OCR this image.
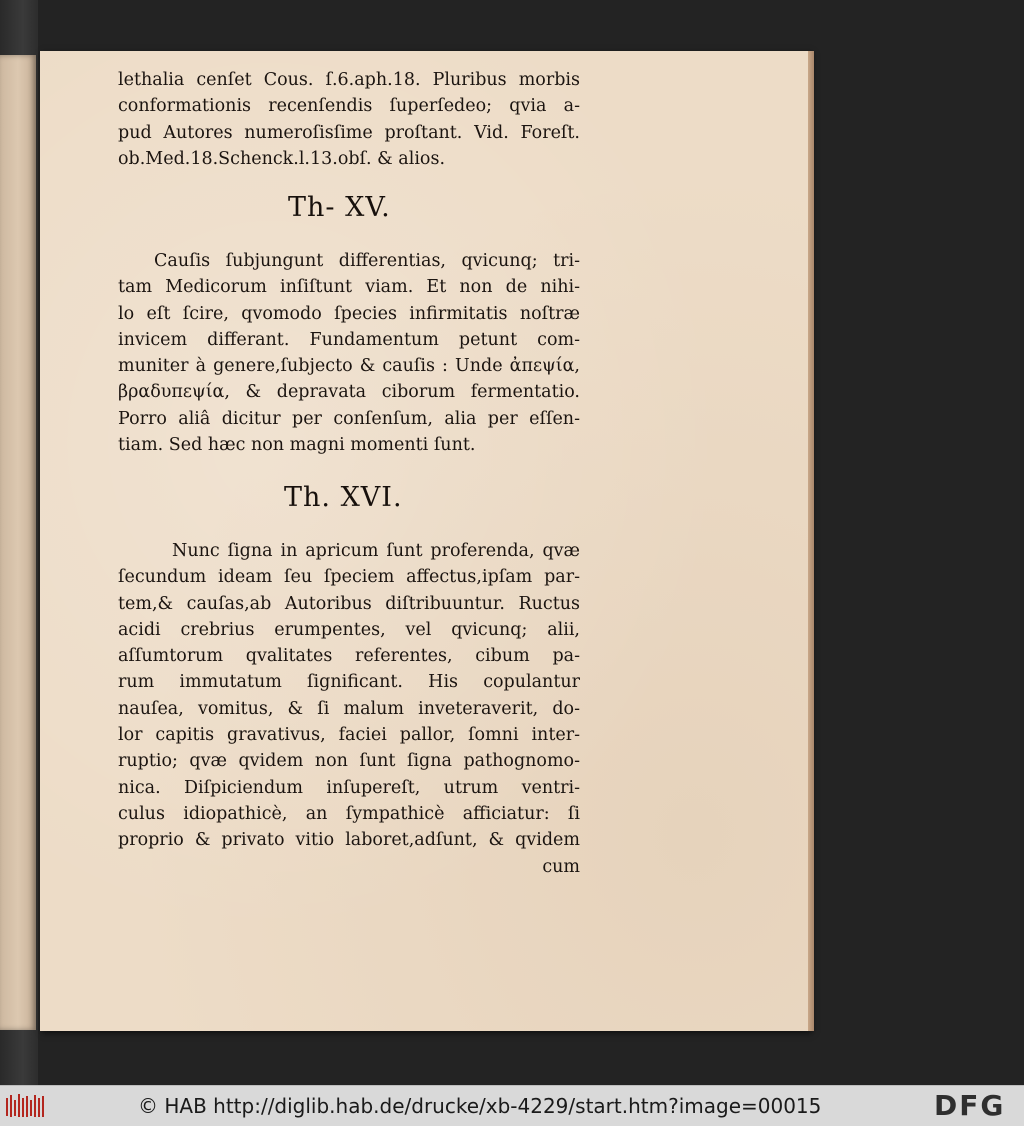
lethalia cenſet Cous. ſ.6.aph.18. Pluribus morbis
conformationis recenſendis ſuperſedeo; qvia a-
pud Autores numeroſisſime proſtant. Vid. Foreſt.
ob.Med.18.Schenck.l.13.obſ. & alios.
Th- XV.
Cauſis ſubjungunt differentias, qvicunq; tri-
tam Medicorum inſiſtunt viam. Et non de nihi-
lo eſt ſcire, qvomodo ſpecies infirmitatis noſtræ
invicem differant. Fundamentum petunt com-
muniter à genere,ſubjecto & cauſis : Unde ἀπεψία,
βραδυπεψία, & depravata ciborum fermentatio.
Porro aliâ dicitur per conſenſum, alia per eſſen-
tiam. Sed hæc non magni momenti ſunt.
Th. XVI.
Nunc ſigna in apricum ſunt proferenda, qvæ
ſecundum ideam ſeu ſpeciem affectus,ipſam par-
tem,& cauſas,ab Autoribus diſtribuuntur. Ructus
acidi crebrius erumpentes, vel qvicunq; alii,
aſſumtorum qvalitates referentes, cibum pa-
rum immutatum ſignificant. His copulantur
nauſea, vomitus, & ſi malum inveteraverit, do-
lor capitis gravativus, faciei pallor, ſomni inter-
ruptio; qvæ qvidem non ſunt ſigna pathognomo-
nica. Diſpiciendum inſupereſt, utrum ventri-
culus idiopathicè, an ſympathicè afficiatur: ſi
proprio & privato vitio laboret,adſunt, & qvidem
cum
© HAB http://diglib.hab.de/drucke/xb-4229/start.htm?image=00015	DFG
